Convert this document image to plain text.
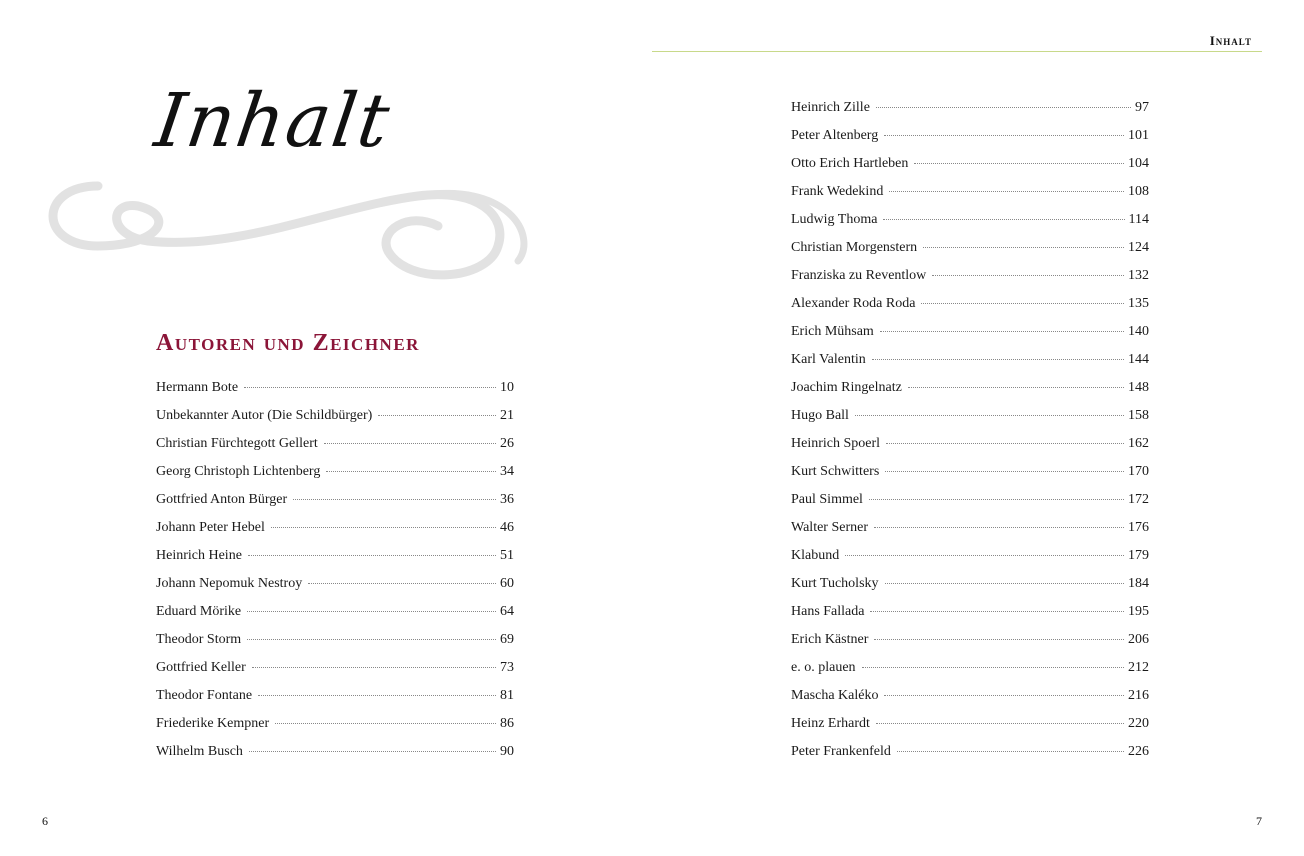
Inhalt
Autoren und Zeichner
Hermann Bote	10
Unbekannter Autor (Die Schildbürger)	21
Christian Fürchtegott Gellert	26
Georg Christoph Lichtenberg	34
Gottfried Anton Bürger	36
Johann Peter Hebel	46
Heinrich Heine	51
Johann Nepomuk Nestroy	60
Eduard Mörike	64
Theodor Storm	69
Gottfried Keller	73
Theodor Fontane	81
Friederike Kempner	86
Wilhelm Busch	90
6
Inhalt
Heinrich Zille	97
Peter Altenberg	101
Otto Erich Hartleben	104
Frank Wedekind	108
Ludwig Thoma	114
Christian Morgenstern	124
Franziska zu Reventlow	132
Alexander Roda Roda	135
Erich Mühsam	140
Karl Valentin	144
Joachim Ringelnatz	148
Hugo Ball	158
Heinrich Spoerl	162
Kurt Schwitters	170
Paul Simmel	172
Walter Serner	176
Klabund	179
Kurt Tucholsky	184
Hans Fallada	195
Erich Kästner	206
e. o. plauen	212
Mascha Kaléko	216
Heinz Erhardt	220
Peter Frankenfeld	226
7
